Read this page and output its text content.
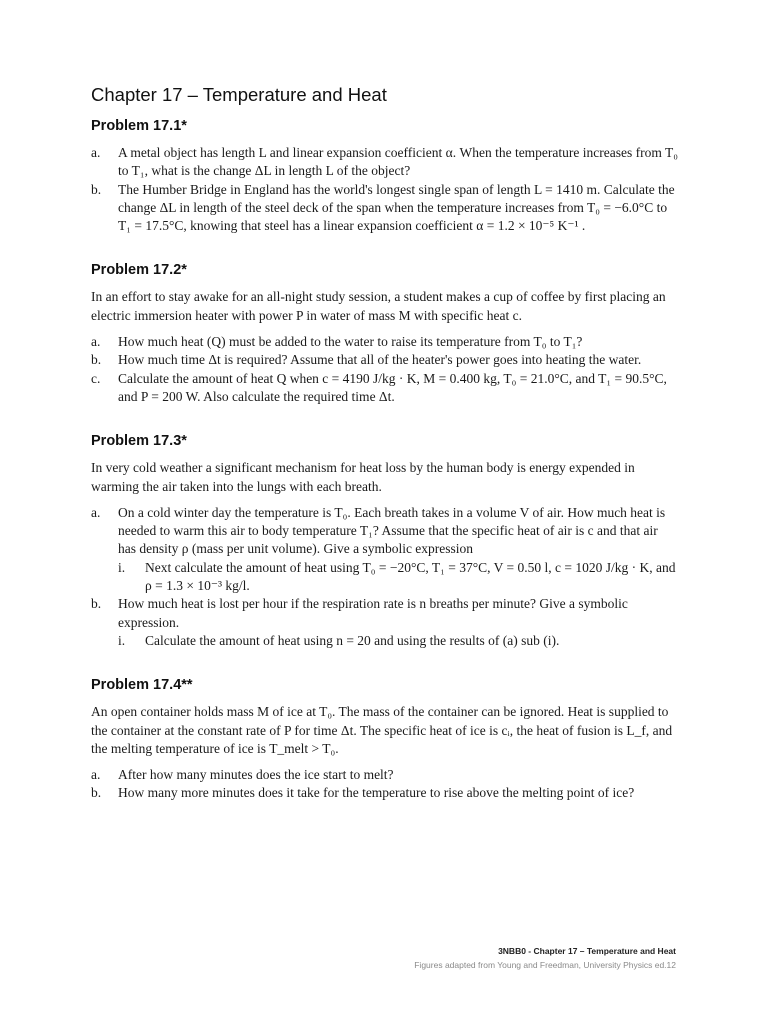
Chapter 17 – Temperature and Heat
Problem 17.1*
a. A metal object has length L and linear expansion coefficient α. When the temperature increases from T₀ to T₁, what is the change ΔL in length L of the object?
b. The Humber Bridge in England has the world's longest single span of length L = 1410 m. Calculate the change ΔL in length of the steel deck of the span when the temperature increases from T₀ = −6.0°C to T₁ = 17.5°C, knowing that steel has a linear expansion coefficient α = 1.2 × 10⁻⁵ K⁻¹ .
Problem 17.2*

In an effort to stay awake for an all-night study session, a student makes a cup of coffee by first placing an electric immersion heater with power P in water of mass M with specific heat c.

a. How much heat (Q) must be added to the water to raise its temperature from T₀ to T₁?
b. How much time Δt is required? Assume that all of the heater's power goes into heating the water.
c. Calculate the amount of heat Q when c = 4190 J/kg · K, M = 0.400 kg, T₀ = 21.0°C, and T₁ = 90.5°C, and P = 200 W. Also calculate the required time Δt.
Problem 17.3*

In very cold weather a significant mechanism for heat loss by the human body is energy expended in warming the air taken into the lungs with each breath.

a. On a cold winter day the temperature is T₀. Each breath takes in a volume V of air. How much heat is needed to warm this air to body temperature T₁? Assume that the specific heat of air is c and that air has density ρ (mass per unit volume). Give a symbolic expression
i. Next calculate the amount of heat using T₀ = −20°C, T₁ = 37°C, V = 0.50 l, c = 1020 J/kg · K, and ρ = 1.3 × 10⁻³ kg/l.
b. How much heat is lost per hour if the respiration rate is n breaths per minute? Give a symbolic expression.
i. Calculate the amount of heat using n = 20 and using the results of (a) sub (i).
Problem 17.4**

An open container holds mass M of ice at T₀. The mass of the container can be ignored. Heat is supplied to the container at the constant rate of P for time Δt. The specific heat of ice is cᵢ, the heat of fusion is L_f, and the melting temperature of ice is T_melt > T₀.

a. After how many minutes does the ice start to melt?
b. How many more minutes does it take for the temperature to rise above the melting point of ice?
3NBB0 - Chapter 17 – Temperature and Heat
Figures adapted from Young and Freedman, University Physics ed.12
